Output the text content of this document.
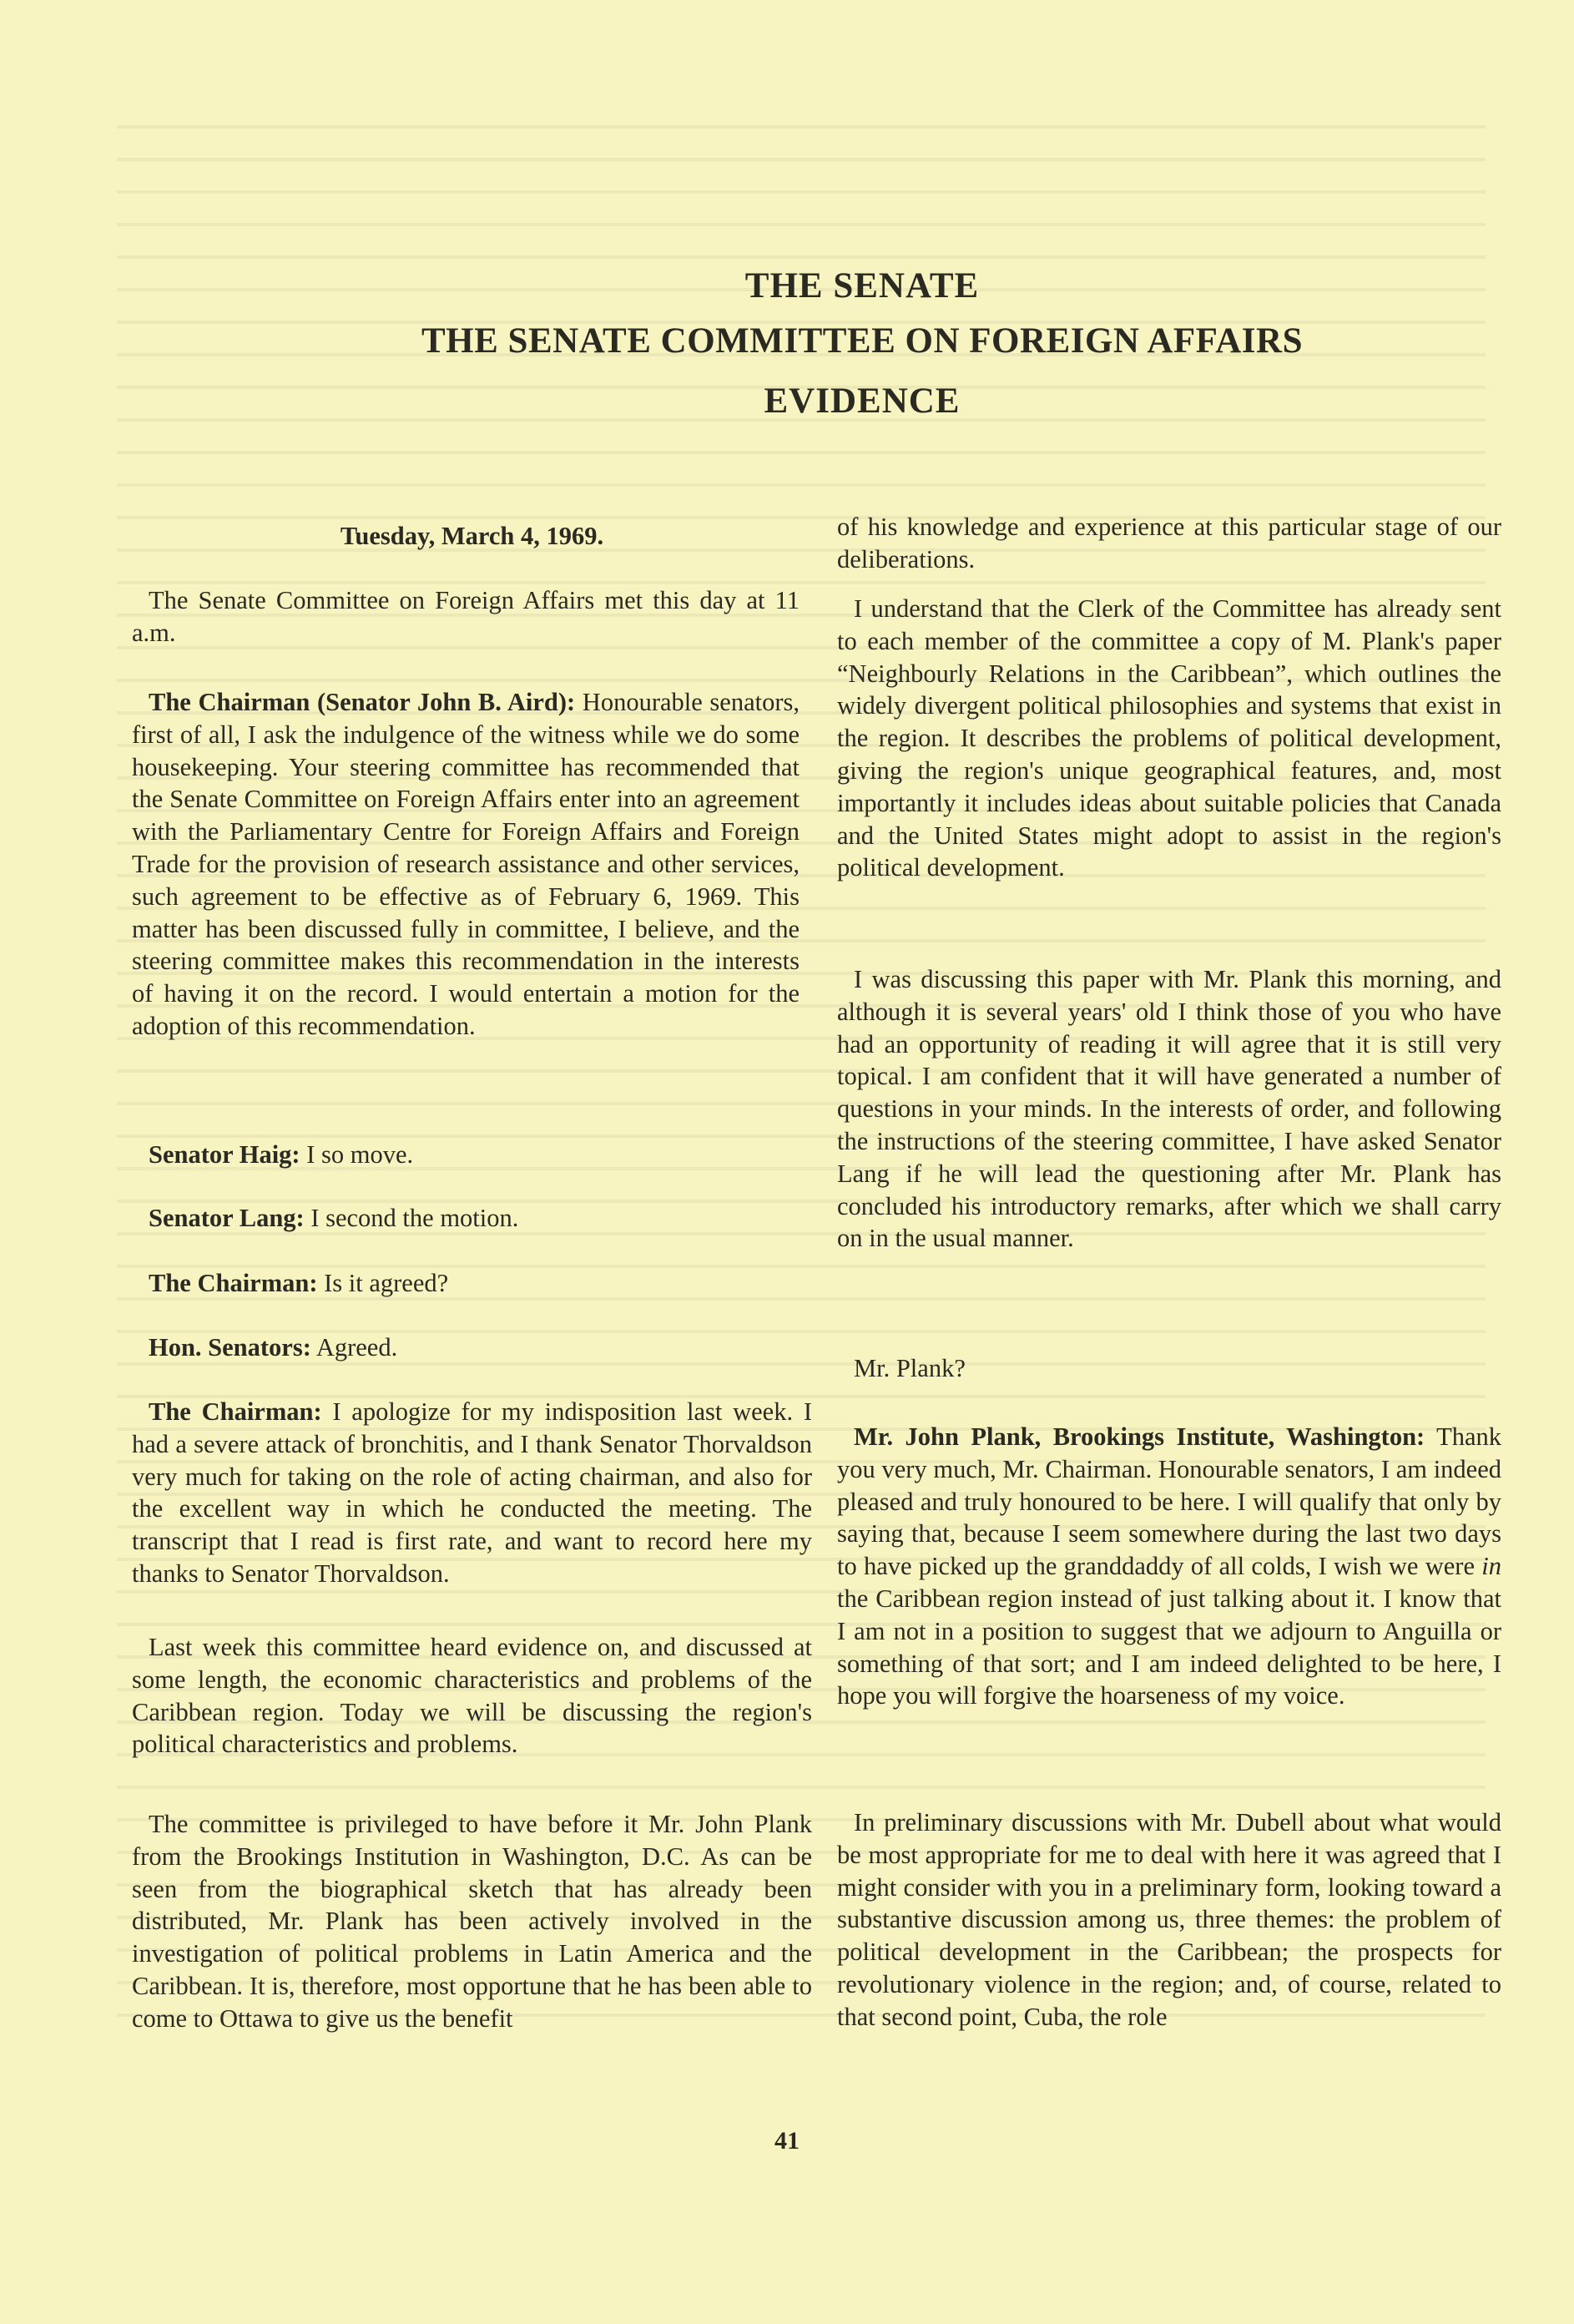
THE SENATE
THE SENATE COMMITTEE ON FOREIGN AFFAIRS
EVIDENCE

Tuesday, March 4, 1969.

The Senate Committee on Foreign Affairs met this day at 11 a.m.

The Chairman (Senator John B. Aird): Honourable senators, first of all, I ask the indulgence of the witness while we do some housekeeping. Your steering committee has recommended that the Senate Committee on Foreign Affairs enter into an agreement with the Parliamentary Centre for Foreign Affairs and Foreign Trade for the provision of research assistance and other services, such agreement to be effective as of February 6, 1969. This matter has been discussed fully in committee, I believe, and the steering committee makes this recommendation in the interests of having it on the record. I would entertain a motion for the adoption of this recommendation.

Senator Haig: I so move.

Senator Lang: I second the motion.

The Chairman: Is it agreed?

Hon. Senators: Agreed.

The Chairman: I apologize for my indisposition last week. I had a severe attack of bronchitis, and I thank Senator Thorvaldson very much for taking on the role of acting chairman, and also for the excellent way in which he conducted the meeting. The transcript that I read is first rate, and want to record here my thanks to Senator Thorvaldson.

Last week this committee heard evidence on, and discussed at some length, the economic characteristics and problems of the Caribbean region. Today we will be discussing the region's political characteristics and problems.

The committee is privileged to have before it Mr. John Plank from the Brookings Institution in Washington, D.C. As can be seen from the biographical sketch that has already been distributed, Mr. Plank has been actively involved in the investigation of political problems in Latin America and the Caribbean. It is, therefore, most opportune that he has been able to come to Ottawa to give us the benefit

of his knowledge and experience at this particular stage of our deliberations.

I understand that the Clerk of the Committee has already sent to each member of the committee a copy of M. Plank's paper “Neighbourly Relations in the Caribbean”, which outlines the widely divergent political philosophies and systems that exist in the region. It describes the problems of political development, giving the region's unique geographical features, and, most importantly it includes ideas about suitable policies that Canada and the United States might adopt to assist in the region's political development.

I was discussing this paper with Mr. Plank this morning, and although it is several years' old I think those of you who have had an opportunity of reading it will agree that it is still very topical. I am confident that it will have generated a number of questions in your minds. In the interests of order, and following the instructions of the steering committee, I have asked Senator Lang if he will lead the questioning after Mr. Plank has concluded his introductory remarks, after which we shall carry on in the usual manner.

Mr. Plank?

Mr. John Plank, Brookings Institute, Washington: Thank you very much, Mr. Chairman. Honourable senators, I am indeed pleased and truly honoured to be here. I will qualify that only by saying that, because I seem somewhere during the last two days to have picked up the granddaddy of all colds, I wish we were in the Caribbean region instead of just talking about it. I know that I am not in a position to suggest that we adjourn to Anguilla or something of that sort; and I am indeed delighted to be here, I hope you will forgive the hoarseness of my voice.

In preliminary discussions with Mr. Dubell about what would be most appropriate for me to deal with here it was agreed that I might consider with you in a preliminary form, looking toward a substantive discussion among us, three themes: the problem of political development in the Caribbean; the prospects for revolutionary violence in the region; and, of course, related to that second point, Cuba, the role

41
